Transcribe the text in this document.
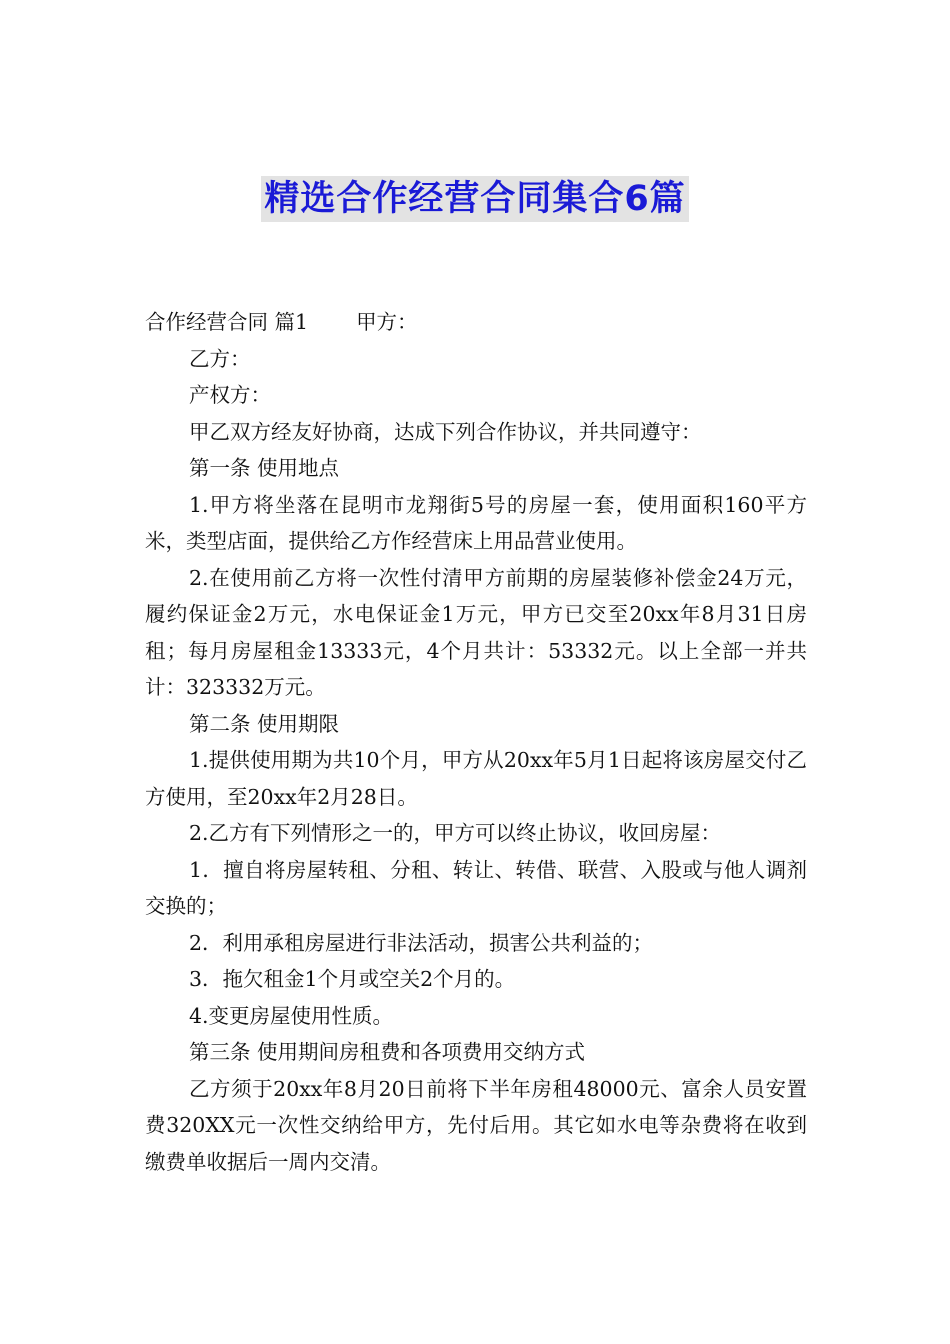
精选合作经营合同集合6篇

合作经营合同 篇1 甲方：

乙方：

产权方：

甲乙双方经友好协商，达成下列合作协议，并共同遵守：

第一条 使用地点

1.甲方将坐落在昆明市龙翔街5号的房屋一套，使用面积160平方米，类型店面，提供给乙方作经营床上用品营业使用。

2.在使用前乙方将一次性付清甲方前期的房屋装修补偿金24万元，履约保证金2万元，水电保证金1万元，甲方已交至20xx年8月31日房租；每月房屋租金13333元，4个月共计：53332元。以上全部一并共计：323332万元。

第二条 使用期限

1.提供使用期为共10个月，甲方从20xx年5月1日起将该房屋交付乙方使用，至20xx年2月28日。

2.乙方有下列情形之一的，甲方可以终止协议，收回房屋：

1．擅自将房屋转租、分租、转让、转借、联营、入股或与他人调剂交换的；

2．利用承租房屋进行非法活动，损害公共利益的；

3．拖欠租金1个月或空关2个月的。

4.变更房屋使用性质。

第三条 使用期间房租费和各项费用交纳方式

乙方须于20xx年8月20日前将下半年房租48000元、富余人员安置费320XX元一次性交纳给甲方，先付后用。其它如水电等杂费将在收到缴费单收据后一周内交清。
